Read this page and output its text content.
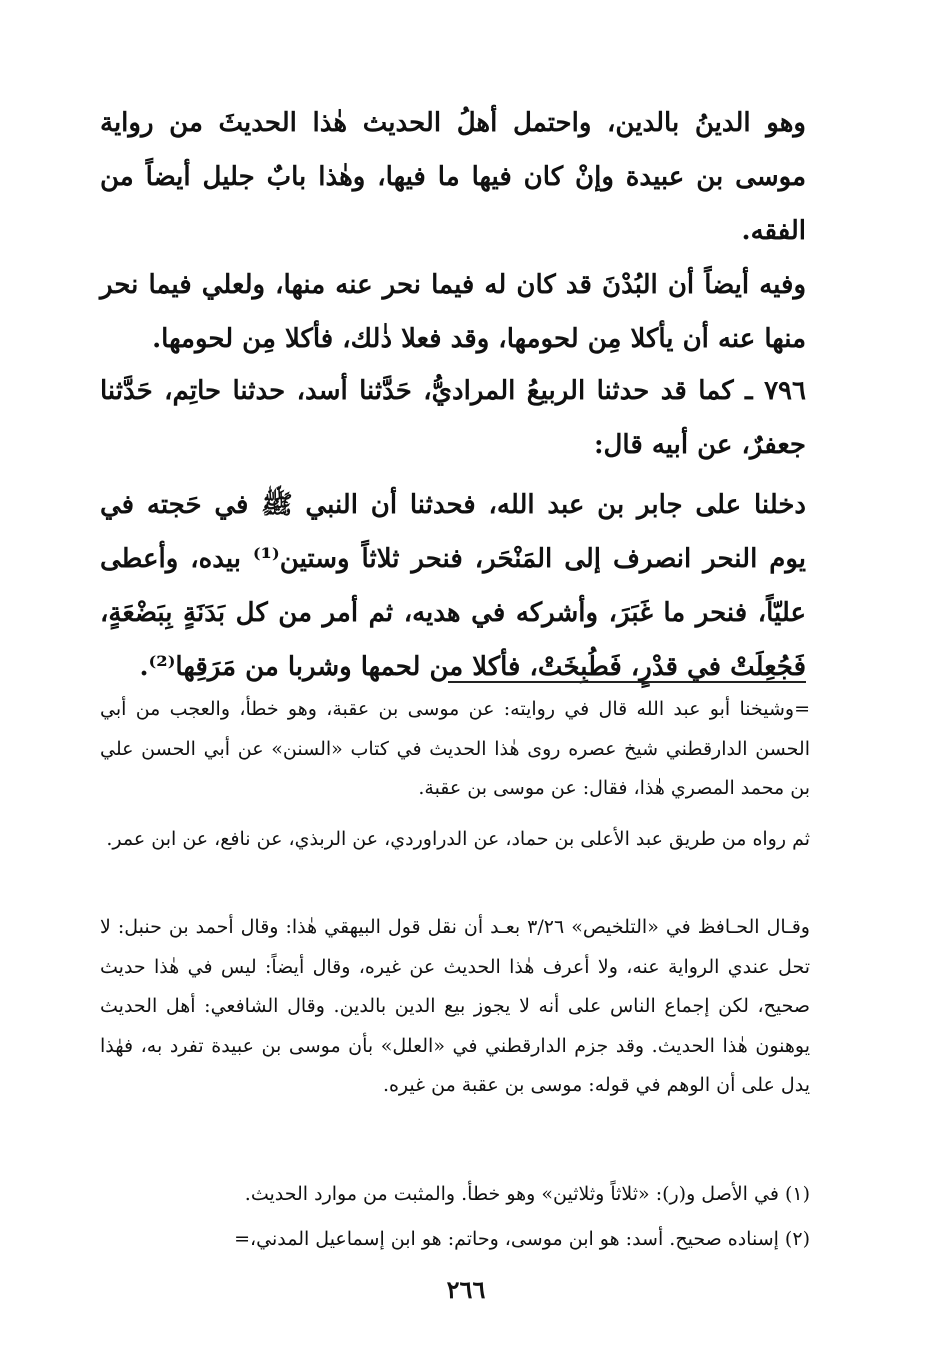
وهو الدينُ بالدين، واحتمل أهلُ الحديث هٰذا الحديثَ من رواية موسى بن عبيدة وإنْ كان فيها ما فيها، وهٰذا بابٌ جليل أيضاً من الفقه.

وفيه أيضاً أن البُدْنَ قد كان له فيما نحر عنه منها، ولعلي فيما نحر منها عنه أن يأكلا مِن لحومها، وقد فعلا ذٰلك، فأكلا مِن لحومها.

٧٩٦ ـ كما قد حدثنا الربيعُ المراديُّ، حَدَّثنا أسد، حدثنا حاتِم، حَدَّثنا جعفرٌ، عن أبيه قال:

دخلنا على جابر بن عبد الله، فحدثنا أن النبي ﷺ في حَجته في يوم النحر انصرف إلى المَنْحَر، فنحر ثلاثاً وستين⁽¹⁾ بيده، وأعطى عليّاً، فنحر ما غَبَرَ، وأشركه في هديه، ثم أمر من كل بَدَنَةٍ بِبَضْعَةٍ، فَجُعِلَتْ في قدْرٍ، فَطُبِخَتْ، فأكلا من لحمها وشربا من مَرَقِها⁽²⁾.

=وشيخنا أبو عبد الله قال في روايته: عن موسى بن عقبة، وهو خطأ، والعجب من أبي الحسن الدارقطني شيخ عصره روى هٰذا الحديث في كتاب «السنن» عن أبي الحسن علي بن محمد المصري هٰذا، فقال: عن موسى بن عقبة.

ثم رواه من طريق عبد الأعلى بن حماد، عن الدراوردي، عن الربذي، عن نافع، عن ابن عمر.

وقـال الحـافظ في «التلخيص» ٣/٢٦ بعـد أن نقل قول البيهقي هٰذا: وقال أحمد بن حنبل: لا تحل عندي الرواية عنه، ولا أعرف هٰذا الحديث عن غيره، وقال أيضاً: ليس في هٰذا حديث صحيح، لكن إجماع الناس على أنه لا يجوز بيع الدين بالدين. وقال الشافعي: أهل الحديث يوهنون هٰذا الحديث. وقد جزم الدارقطني في «العلل» بأن موسى بن عبيدة تفرد به، فهٰذا يدل على أن الوهم في قوله: موسى بن عقبة من غيره.

(١) في الأصل و(ر): «ثلاثاً وثلاثين» وهو خطأ. والمثبت من موارد الحديث.

(٢) إسناده صحيح. أسد: هو ابن موسى، وحاتم: هو ابن إسماعيل المدني،=

٢٦٦
